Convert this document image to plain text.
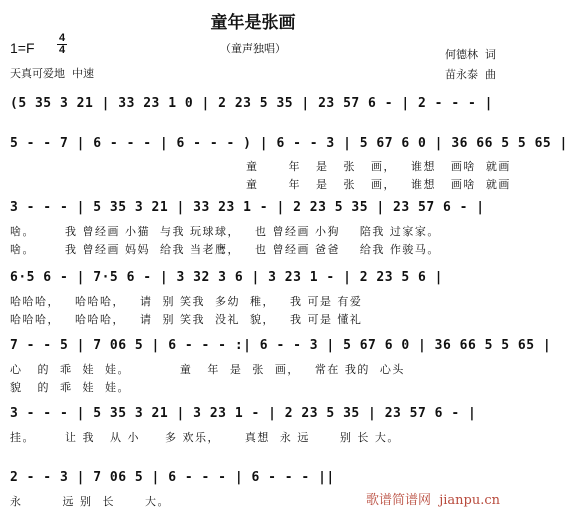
童年是张画
（童声独唱）
1=F
4
4
天真可爱地  中速
何德林  词
苗永泰  曲
(5 35 3 21 | 33 23 1 0 | 2 23 5 35 | 23 57 6 - | 2 - - - |
5 - - 7 | 6 - - - | 6 - - - ) | 6 - - 3 | 5 67 6 0 | 36 66 5 5 65 |
童      年   是   张   画，   谁想   画啥  就画
童      年   是   张   画，   谁想   画啥  就画
3 - - - | 5 35 3 21 | 33 23 1 - | 2 23 5 35 | 23 57 6 - |
啥。      我 曾经画 小猫  与我 玩球球，   也 曾经画 小狗    陪我 过家家。
啥。      我 曾经画 妈妈  给我 当老鹰，   也 曾经画 爸爸    给我 作骏马。
6·5 6 - | 7·5 6 - | 3 32 3 6 | 3 23 1 - | 2 23 5 6 |
哈哈哈，   哈哈哈，   请  别 笑我  多幼  稚，   我 可是 有爱
哈哈哈，   哈哈哈，   请  别 笑我  没礼  貌，   我 可是 懂礼
7 - - 5 | 7 06 5 | 6 - - - :| 6 - - 3 | 5 67 6 0 | 36 66 5 5 65 |
心   的  乖  娃  娃。          童   年  是  张  画，   常在 我的  心头
貌   的  乖  娃  娃。
3 - - - | 5 35 3 21 | 3 23 1 - | 2 23 5 35 | 23 57 6 - |
挂。      让 我   从 小     多 欢乐，     真想  永 远      别 长 大。
2 - - 3 | 7 06 5 | 6 - - - | 6 - - - ||
永        远 别  长      大。	歌谱简谱网  jianpu.cn
